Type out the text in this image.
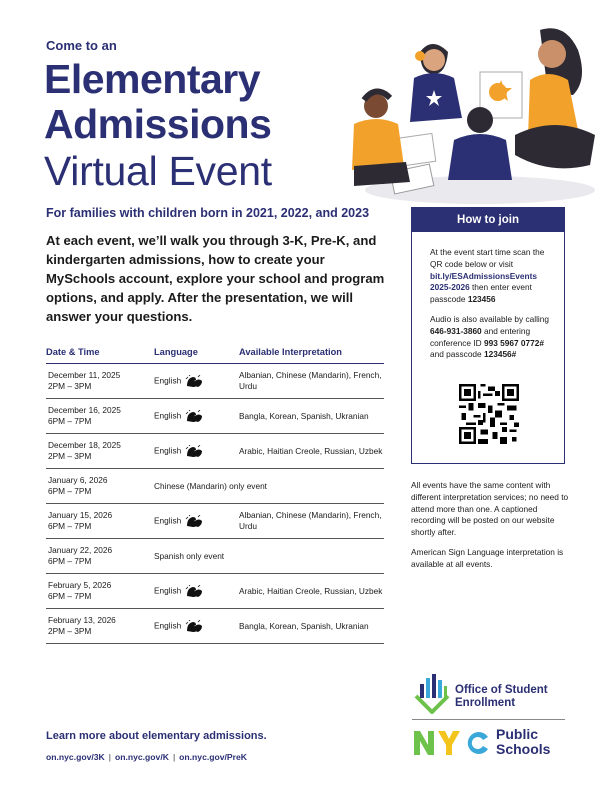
Come to an
Elementary
Admissions
Virtual Event
For families with children born in 2021, 2022, and 2023
At each event, we’ll walk you through 3-K, Pre-K, and kindergarten admissions, how to create your MySchools account, explore your school and program options, and apply. After the presentation, we will answer your questions.
Date & Time	Language	Available Interpretation

December 11, 2025
2PM – 3PM	English	Albanian, Chinese (Mandarin), French, Urdu

December 16, 2025
6PM – 7PM	English	Bangla, Korean, Spanish, Ukranian

December 18, 2025
2PM – 3PM	English	Arabic, Haitian Creole, Russian, Uzbek

January 6, 2026
6PM – 7PM	Chinese (Mandarin) only event	

January 15, 2026
6PM – 7PM	English	Albanian, Chinese (Mandarin), French, Urdu

January 22, 2026
6PM – 7PM	Spanish only event	

February 5, 2026
6PM – 7PM	English	Arabic, Haitian Creole, Russian, Uzbek

February 13, 2026
2PM – 3PM	English	Bangla, Korean, Spanish, Ukranian
How to join
At the event start time scan the QR code below or visit bit.ly/ESAdmissionsEvents 2025-2026 then enter event passcode 123456
Audio is also available by calling 646-931-3860 and entering conference ID 993 5967 0772# and passcode 123456#
All events have the same content with different interpretation services; no need to attend more than one. A captioned recording will be posted on our website shortly after.
American Sign Language interpretation is available at all events.
Office of Student
Enrollment
Public
Schools
Learn more about elementary admissions.
on.nyc.gov/3K | on.nyc.gov/K | on.nyc.gov/PreK
